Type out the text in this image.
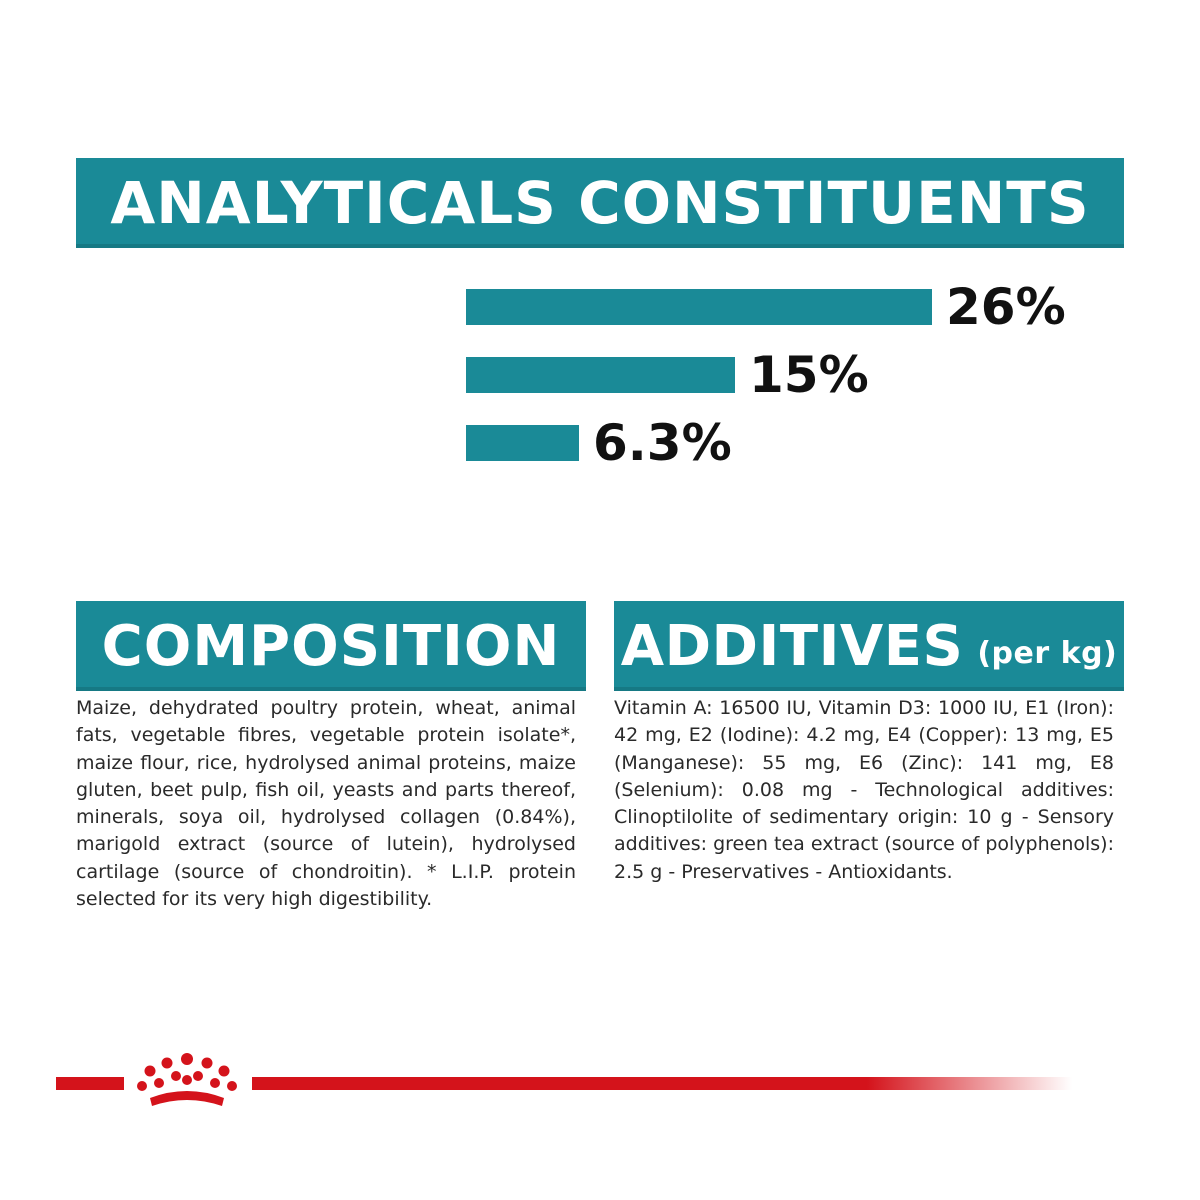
ANALYTICALS CONSTITUENTS
26%
15%
6.3%
COMPOSITION
Maize, dehydrated poultry protein, wheat, animal fats, vegetable fibres, vegetable protein isolate*, maize flour, rice, hydrolysed animal proteins, maize gluten, beet pulp, fish oil, yeasts and parts thereof, minerals, soya oil, hydrolysed collagen (0.84%), marigold extract (source of lutein), hydrolysed cartilage (source of chondroitin). * L.I.P. protein selected for its very high digestibility.
ADDITIVES (per kg)
Vitamin A: 16500 IU, Vitamin D3: 1000 IU, E1 (Iron): 42 mg, E2 (Iodine): 4.2 mg, E4 (Copper): 13 mg, E5 (Manganese): 55 mg, E6 (Zinc): 141 mg, E8 (Selenium): 0.08 mg - Technological additives: Clinoptilolite of sedimentary origin: 10 g - Sensory additives: green tea extract (source of polyphenols): 2.5 g - Preservatives - Antioxidants.
